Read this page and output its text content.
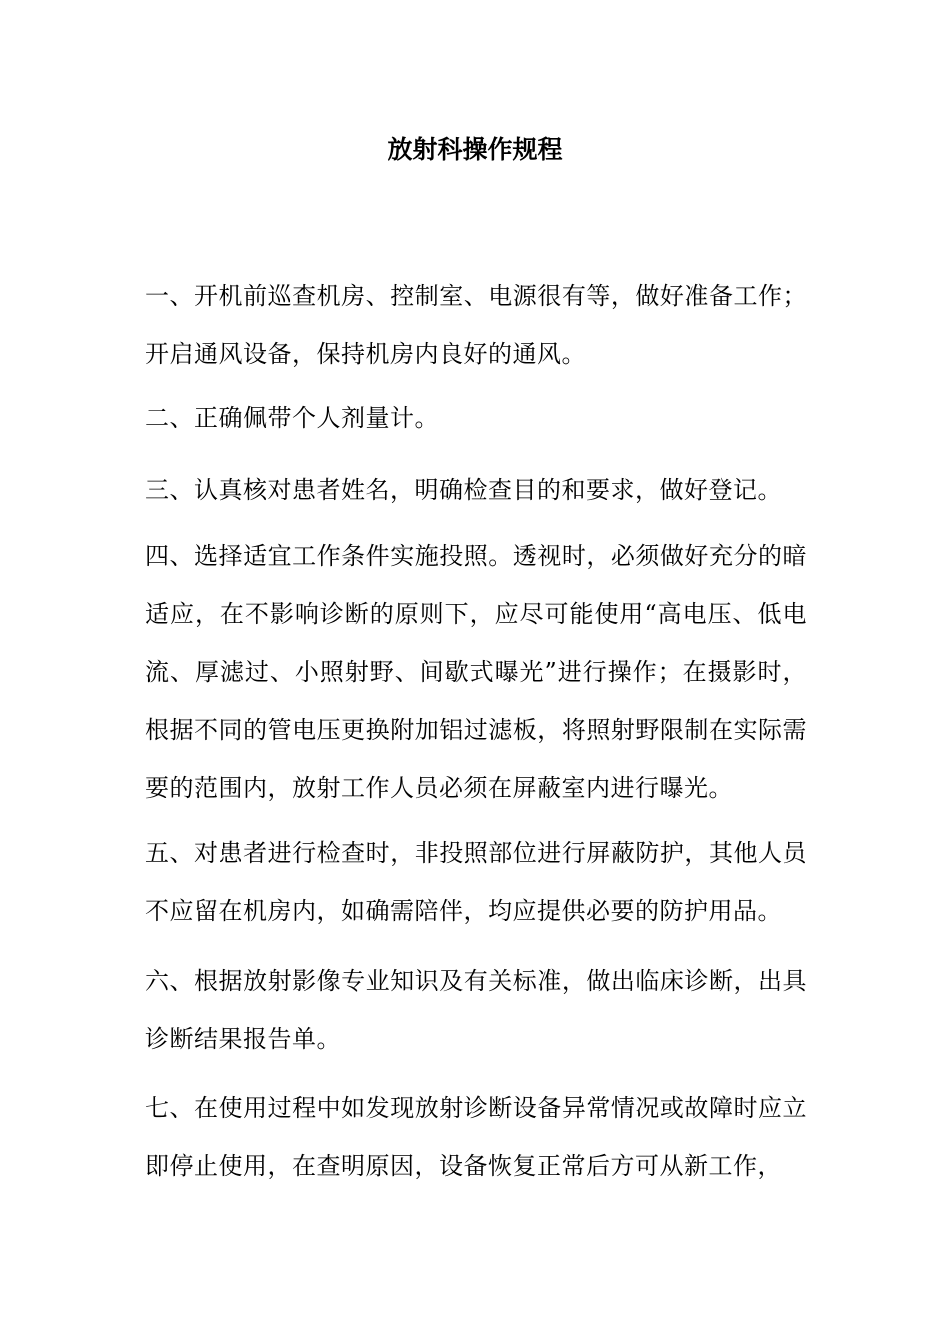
放射科操作规程
一、开机前巡查机房、控制室、电源很有等，做好准备工作；开启通风设备，保持机房内良好的通风。
二、正确佩带个人剂量计。
三、认真核对患者姓名，明确检查目的和要求，做好登记。
四、选择适宜工作条件实施投照。透视时，必须做好充分的暗适应，在不影响诊断的原则下，应尽可能使用“高电压、低电流、厚滤过、小照射野、间歇式曝光”进行操作；在摄影时，根据不同的管电压更换附加铝过滤板，将照射野限制在实际需要的范围内，放射工作人员必须在屏蔽室内进行曝光。
五、对患者进行检查时，非投照部位进行屏蔽防护，其他人员不应留在机房内，如确需陪伴，均应提供必要的防护用品。
六、根据放射影像专业知识及有关标准，做出临床诊断，出具诊断结果报告单。
七、在使用过程中如发现放射诊断设备异常情况或故障时应立即停止使用，在查明原因，设备恢复正常后方可从新工作，
